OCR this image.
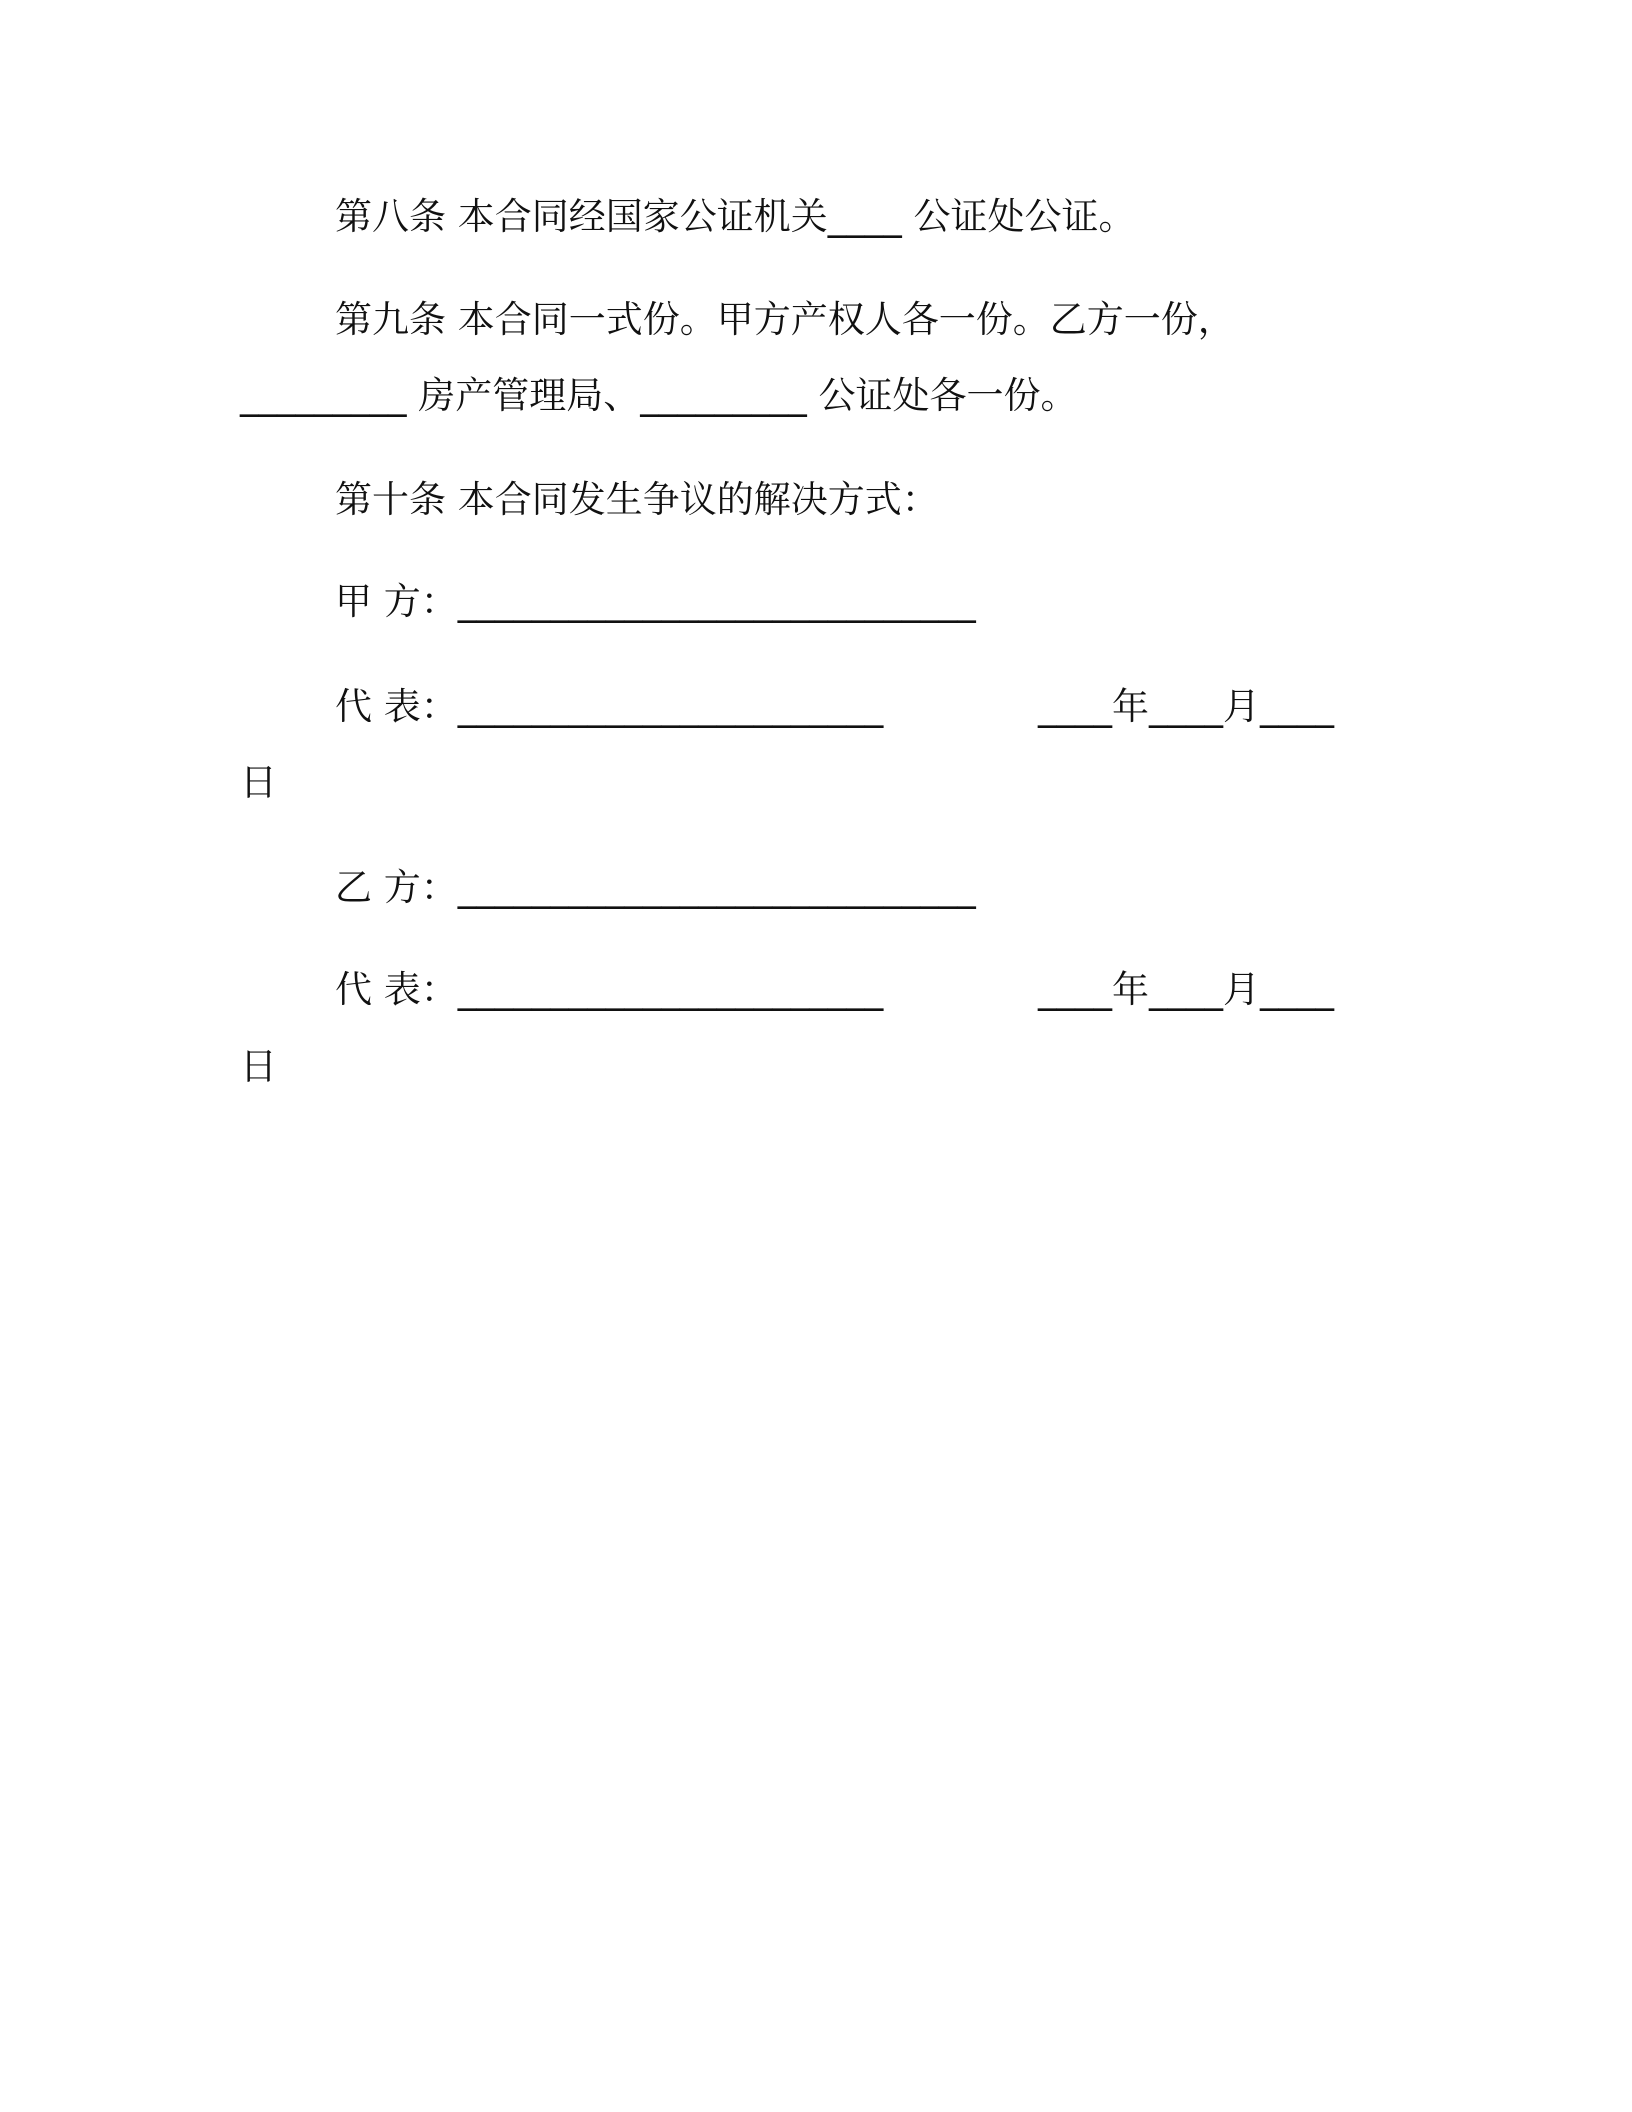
第八条 本合同经国家公证机关____ 公证处公证。
第九条 本合同一式份。甲方产权人各一份。乙方一份，
_________ 房产管理局、_________ 公证处各一份。
第十条 本合同发生争议的解决方式：
甲 方：____________________________
代 表：_______________________	____年____月____
日
乙 方：____________________________
代 表：_______________________	____年____月____
日
